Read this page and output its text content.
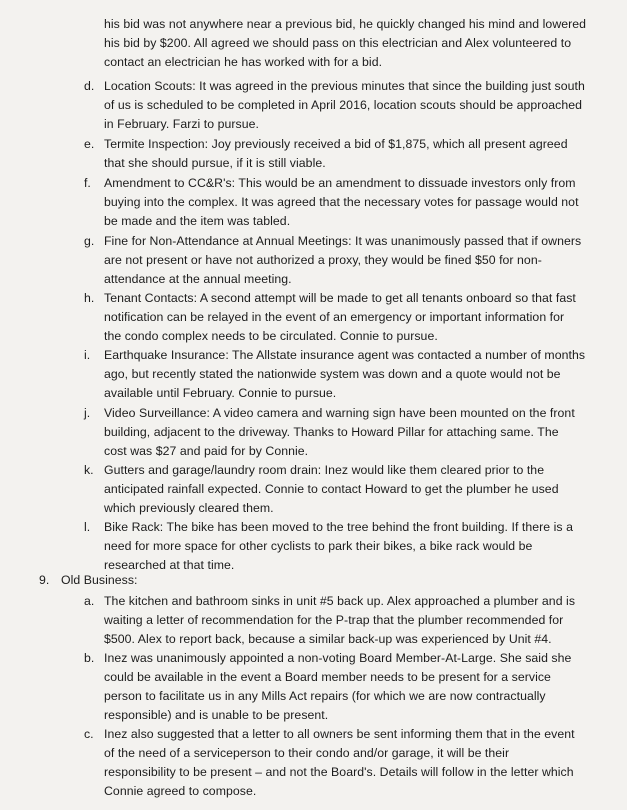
his bid was not anywhere near a previous bid, he quickly changed his mind and lowered
his bid by $200. All agreed we should pass on this electrician and Alex volunteered to
contact an electrician he has worked with for a bid.
d. Location Scouts: It was agreed in the previous minutes that since the building just south
of us is scheduled to be completed in April 2016, location scouts should be approached
in February. Farzi to pursue.
e. Termite Inspection: Joy previously received a bid of $1,875, which all present agreed
that she should pursue, if it is still viable.
f. Amendment to CC&R's: This would be an amendment to dissuade investors only from
buying into the complex. It was agreed that the necessary votes for passage would not
be made and the item was tabled.
g. Fine for Non-Attendance at Annual Meetings: It was unanimously passed that if owners
are not present or have not authorized a proxy, they would be fined $50 for non-
attendance at the annual meeting.
h. Tenant Contacts: A second attempt will be made to get all tenants onboard so that fast
notification can be relayed in the event of an emergency or important information for
the condo complex needs to be circulated. Connie to pursue.
i. Earthquake Insurance: The Allstate insurance agent was contacted a number of months
ago, but recently stated the nationwide system was down and a quote would not be
available until February. Connie to pursue.
j. Video Surveillance: A video camera and warning sign have been mounted on the front
building, adjacent to the driveway. Thanks to Howard Pillar for attaching same. The
cost was $27 and paid for by Connie.
k. Gutters and garage/laundry room drain: Inez would like them cleared prior to the
anticipated rainfall expected. Connie to contact Howard to get the plumber he used
which previously cleared them.
l. Bike Rack: The bike has been moved to the tree behind the front building. If there is a
need for more space for other cyclists to park their bikes, a bike rack would be
researched at that time.
9. Old Business:
a. The kitchen and bathroom sinks in unit #5 back up. Alex approached a plumber and is
waiting a letter of recommendation for the P-trap that the plumber recommended for
$500. Alex to report back, because a similar back-up was experienced by Unit #4.
b. Inez was unanimously appointed a non-voting Board Member-At-Large. She said she
could be available in the event a Board member needs to be present for a service
person to facilitate us in any Mills Act repairs (for which we are now contractually
responsible) and is unable to be present.
c. Inez also suggested that a letter to all owners be sent informing them that in the event
of the need of a serviceperson to their condo and/or garage, it will be their
responsibility to be present – and not the Board's. Details will follow in the letter which
Connie agreed to compose.
